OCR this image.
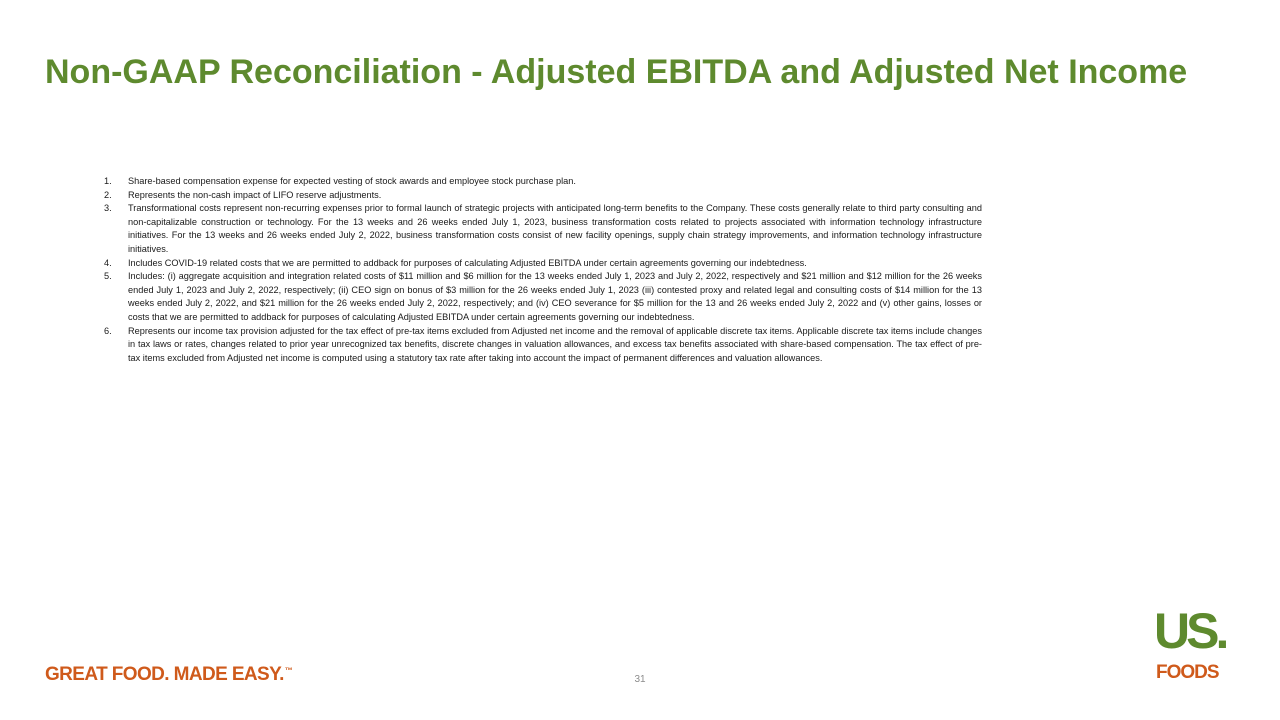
Non-GAAP Reconciliation - Adjusted EBITDA and Adjusted Net Income
1.	Share-based compensation expense for expected vesting of stock awards and employee stock purchase plan.
2.	Represents the non-cash impact of LIFO reserve adjustments.
3.	Transformational costs represent non-recurring expenses prior to formal launch of strategic projects with anticipated long-term benefits to the Company. These costs generally relate to third party consulting and non-capitalizable construction or technology. For the 13 weeks and 26 weeks ended July 1, 2023, business transformation costs related to projects associated with information technology infrastructure initiatives. For the 13 weeks and 26 weeks ended July 2, 2022, business transformation costs consist of new facility openings, supply chain strategy improvements, and information technology infrastructure initiatives.
4.	Includes COVID-19 related costs that we are permitted to addback for purposes of calculating Adjusted EBITDA under certain agreements governing our indebtedness.
5.	Includes: (i) aggregate acquisition and integration related costs of $11 million and $6 million for the 13 weeks ended July 1, 2023 and July 2, 2022, respectively and $21 million and $12 million for the 26 weeks ended July 1, 2023 and July 2, 2022, respectively; (ii) CEO sign on bonus of $3 million for the 26 weeks ended July 1, 2023 (iii) contested proxy and related legal and consulting costs of $14 million for the 13 weeks ended July 2, 2022, and $21 million for the 26 weeks ended July 2, 2022, respectively; and (iv) CEO severance for $5 million for the 13 and 26 weeks ended July 2, 2022 and (v) other gains, losses or costs that we are permitted to addback for purposes of calculating Adjusted EBITDA under certain agreements governing our indebtedness.
6.	Represents our income tax provision adjusted for the tax effect of pre-tax items excluded from Adjusted net income and the removal of applicable discrete tax items. Applicable discrete tax items include changes in tax laws or rates, changes related to prior year unrecognized tax benefits, discrete changes in valuation allowances, and excess tax benefits associated with share-based compensation. The tax effect of pre-tax items excluded from Adjusted net income is computed using a statutory tax rate after taking into account the impact of permanent differences and valuation allowances.
GREAT FOOD. MADE EASY.™
31
US.
FOODS
